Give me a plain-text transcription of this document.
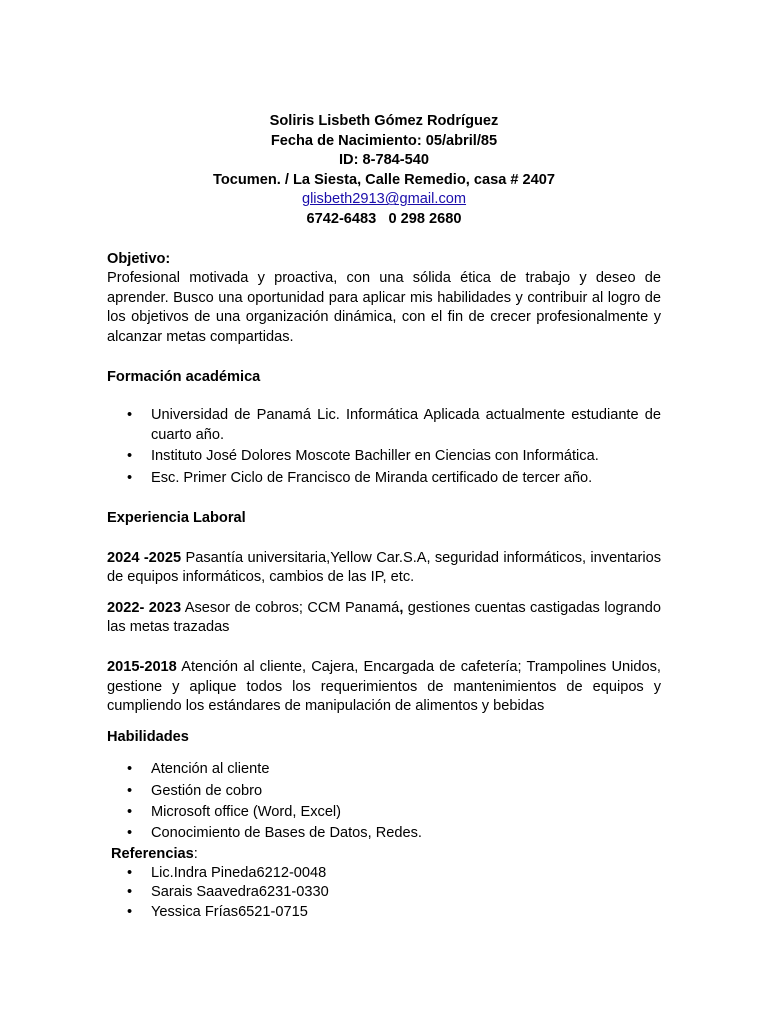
Soliris Lisbeth Gómez Rodríguez
Fecha de Nacimiento: 05/abril/85
ID: 8-784-540
Tocumen. / La Siesta, Calle Remedio, casa # 2407
glisbeth2913@gmail.com
6742-6483 0 298 2680
Objetivo:
Profesional motivada y proactiva, con una sólida ética de trabajo y deseo de aprender. Busco una oportunidad para aplicar mis habilidades y contribuir al logro de los objetivos de una organización dinámica, con el fin de crecer profesionalmente y alcanzar metas compartidas.
Formación académica
• Universidad de Panamá Lic. Informática Aplicada actualmente estudiante de cuarto año.
• Instituto José Dolores Moscote Bachiller en Ciencias con Informática.
• Esc. Primer Ciclo de Francisco de Miranda certificado de tercer año.
Experiencia Laboral
2024 -2025 Pasantía universitaria,Yellow Car.S.A, seguridad informáticos, inventarios de equipos informáticos, cambios de las IP, etc.
2022- 2023 Asesor de cobros; CCM Panamá, gestiones cuentas castigadas logrando las metas trazadas
2015-2018 Atención al cliente, Cajera, Encargada de cafetería; Trampolines Unidos, gestione y aplique todos los requerimientos de mantenimientos de equipos y cumpliendo los estándares de manipulación de alimentos y bebidas
Habilidades
• Atención al cliente
• Gestión de cobro
• Microsoft office (Word, Excel)
• Conocimiento de Bases de Datos, Redes.
Referencias:
• Lic.Indra Pineda6212-0048
• Sarais Saavedra6231-0330
• Yessica Frías6521-0715
